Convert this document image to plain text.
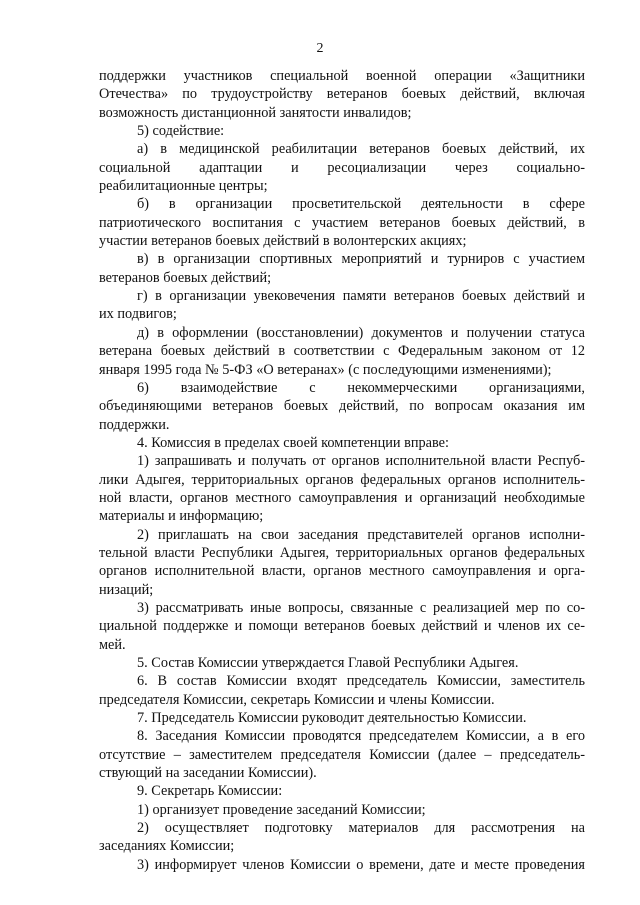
2
поддержки участников специальной военной операции «Защитники
Отечества» по трудоустройству ветеранов боевых действий, включая
возможность дистанционной занятости инвалидов;
5) содействие:
а) в медицинской реабилитации ветеранов боевых действий, их
социальной адаптации и ресоциализации через социально-
реабилитационные центры;
б) в организации просветительской деятельности в сфере
патриотического воспитания с участием ветеранов боевых действий, в
участии ветеранов боевых действий в волонтерских акциях;
в) в организации спортивных мероприятий и турниров с участием
ветеранов боевых действий;
г) в организации увековечения памяти ветеранов боевых действий и
их подвигов;
д) в оформлении (восстановлении) документов и получении статуса
ветерана боевых действий в соответствии с Федеральным законом от 12
января 1995 года № 5-ФЗ «О ветеранах» (с последующими изменениями);
6) взаимодействие с некоммерческими организациями,
объединяющими ветеранов боевых действий, по вопросам оказания им
поддержки.
4. Комиссия в пределах своей компетенции вправе:
1) запрашивать и получать от органов исполнительной власти Респуб-
лики Адыгея, территориальных органов федеральных органов исполнитель-
ной власти, органов местного самоуправления и организаций необходимые
материалы и информацию;
2) приглашать на свои заседания представителей органов исполни-
тельной власти Республики Адыгея, территориальных органов федеральных
органов исполнительной власти, органов местного самоуправления и орга-
низаций;
3) рассматривать иные вопросы, связанные с реализацией мер по со-
циальной поддержке и помощи ветеранов боевых действий и членов их се-
мей.
5. Состав Комиссии утверждается Главой Республики Адыгея.
6. В состав Комиссии входят председатель Комиссии, заместитель
председателя Комиссии, секретарь Комиссии и члены Комиссии.
7. Председатель Комиссии руководит деятельностью Комиссии.
8. Заседания Комиссии проводятся председателем Комиссии, а в его
отсутствие – заместителем председателя Комиссии (далее – председатель-
ствующий на заседании Комиссии).
9. Секретарь Комиссии:
1) организует проведение заседаний Комиссии;
2) осуществляет подготовку материалов для рассмотрения на
заседаниях Комиссии;
3) информирует членов Комиссии о времени, дате и месте проведения
